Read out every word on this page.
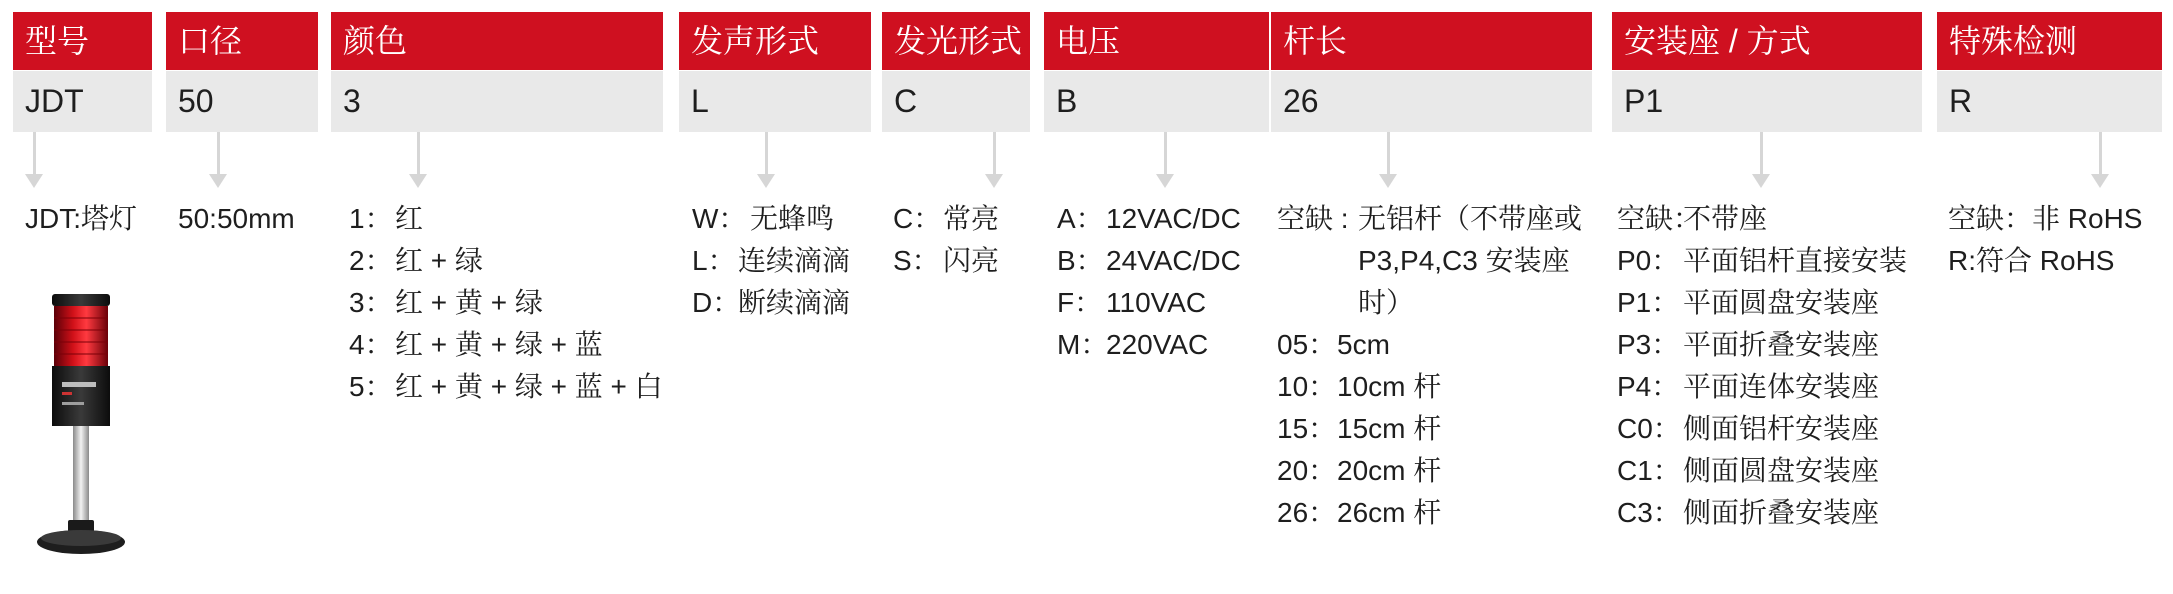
型号
JDT
JDT: 塔灯
口径
50
50: 50mm
颜色
3
1： 红
2： 红 + 绿
3： 红 + 黄 + 绿
4： 红 + 黄 + 绿 + 蓝
5： 红 + 黄 + 绿 + 蓝 + 白
发声形式
L
W： 无蜂鸣
L： 连续滴滴
D：
断续滴滴
发光形式
C
C： 常亮
S： 闪亮
电压
B
A： 12VAC/DC
B： 24VAC/DC
F： 110VAC
M：
220VAC
杆长
26
空缺 : 无铝杆（不带座或
P3,P4,C3 安装座
时）
05： 5cm
10： 10cm 杆
15： 15cm 杆
20： 20cm 杆
26： 26cm 杆
安装座 / 方式
P1
空缺：
不带座
P0： 平面铝杆直接安装
P1： 平面圆盘安装座
P3： 平面折叠安装座
P4： 平面连体安装座
C0： 侧面铝杆安装座
C1： 侧面圆盘安装座
C3： 侧面折叠安装座
特殊检测
R
空缺： 非 RoHS
R: 符合 RoHS
